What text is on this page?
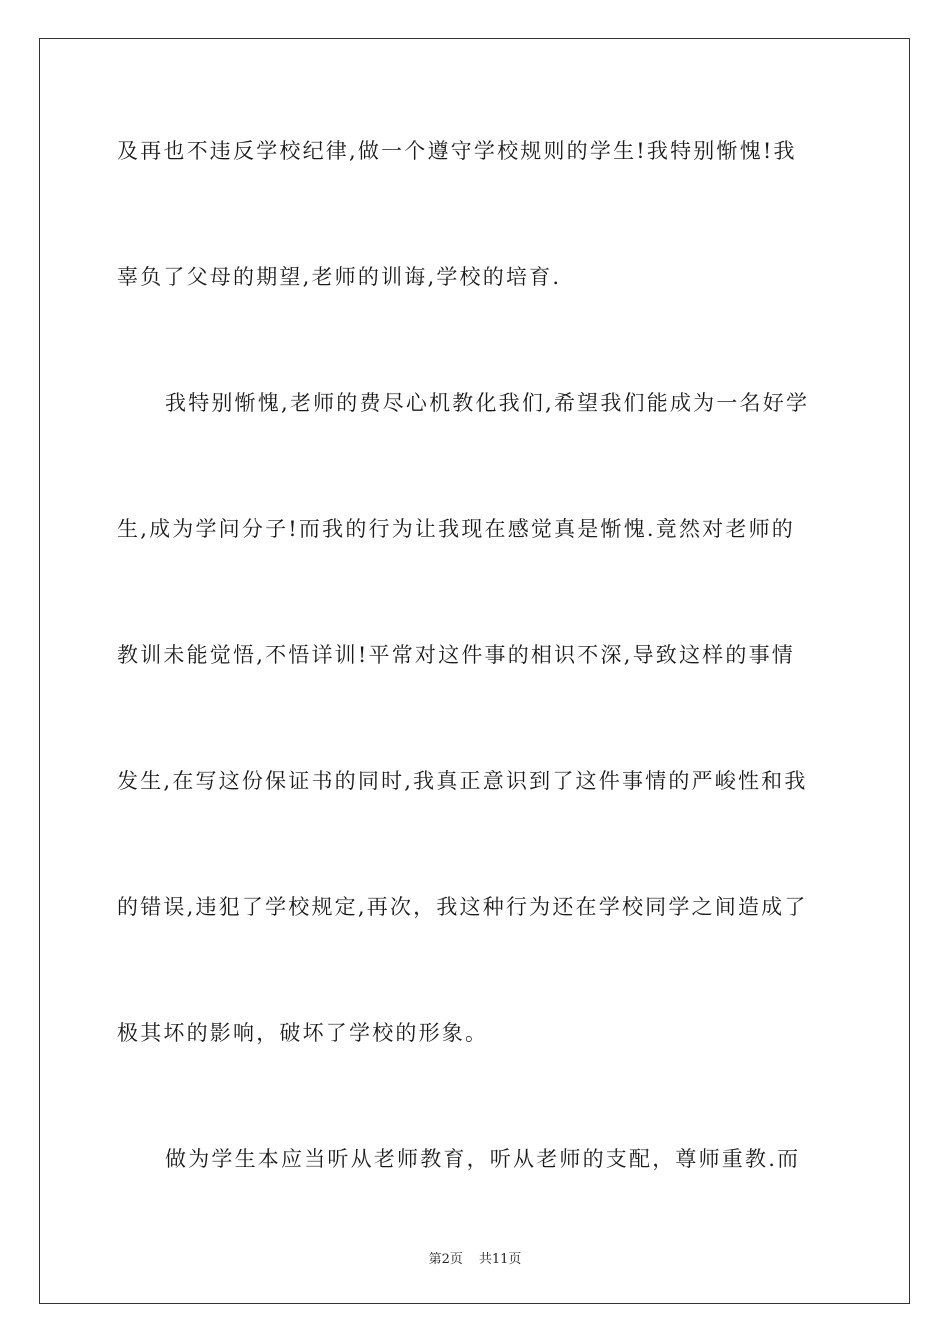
及再也不违反学校纪律,做一个遵守学校规则的学生!我特别惭愧!我
辜负了父母的期望,老师的训诲,学校的培育.
我特别惭愧,老师的费尽心机教化我们,希望我们能成为一名好学
生,成为学问分子!而我的行为让我现在感觉真是惭愧.竟然对老师的
教训未能觉悟,不悟详训!平常对这件事的相识不深,导致这样的事情
发生,在写这份保证书的同时,我真正意识到了这件事情的严峻性和我
的错误,违犯了学校规定,再次，我这种行为还在学校同学之间造成了
极其坏的影响，破坏了学校的形象。
做为学生本应当听从老师教育，听从老师的支配，尊师重教.而
第2页 共11页
